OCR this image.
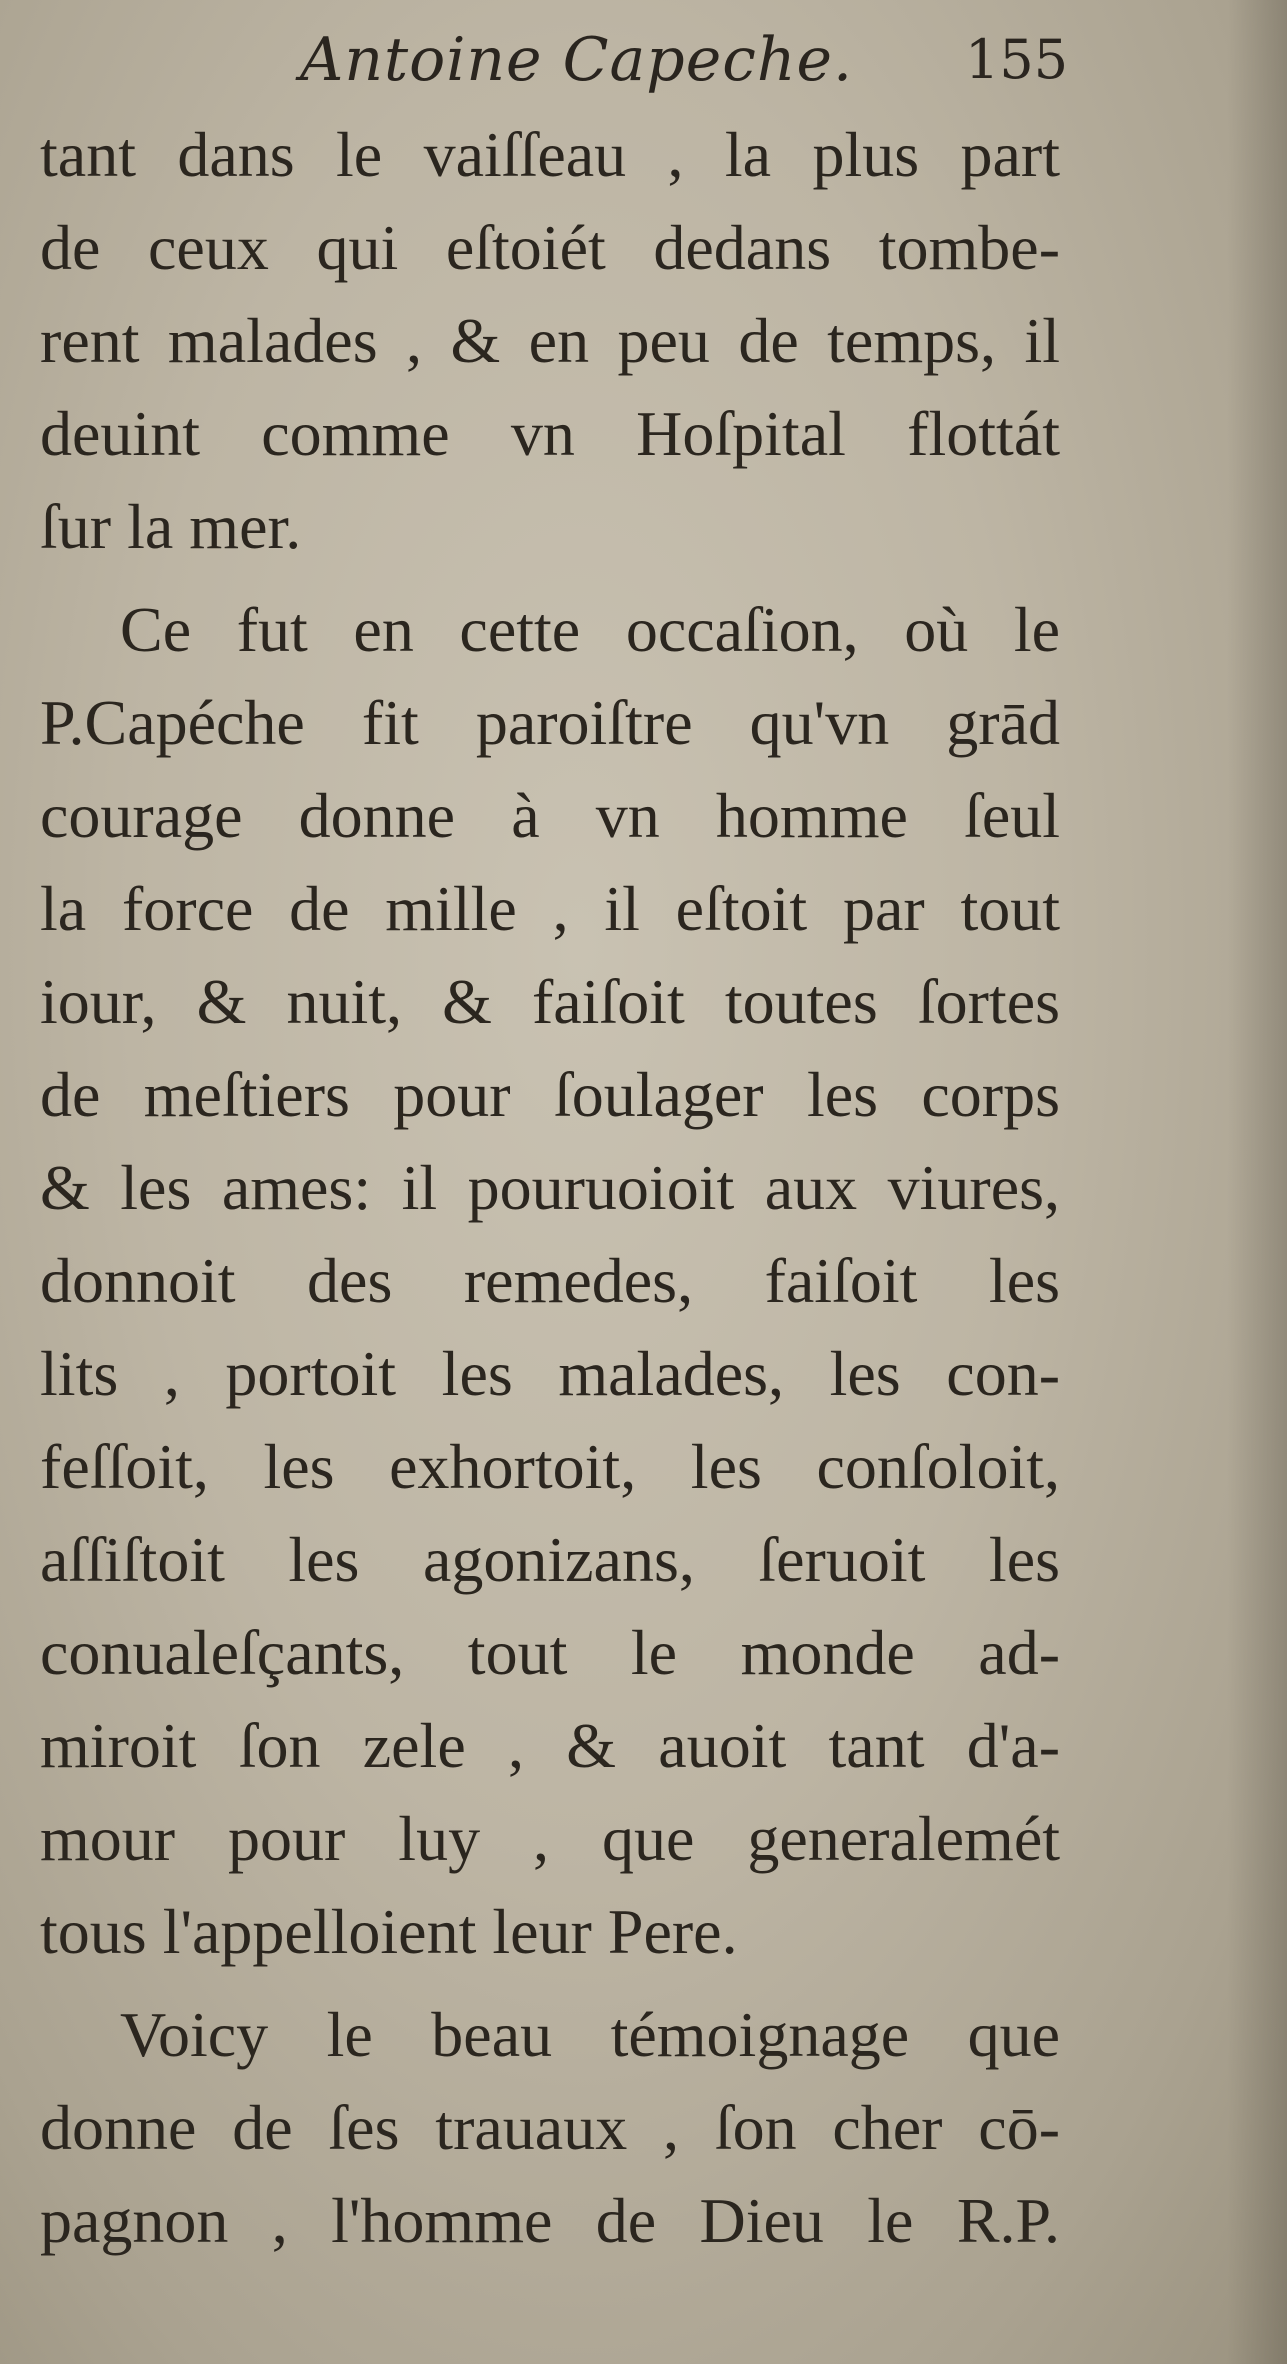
Antoine Capeche. 155
tant dans le vaiſſeau , la plus part
de ceux qui eſtoiét dedans tombe-
rent malades , & en peu de temps, il
deuint comme vn Hoſpital flottát
ſur la mer.
Ce fut en cette occaſion, où le
P.Capéche fit paroiſtre qu'vn grād
courage donne à vn homme ſeul
la force de mille , il eſtoit par tout
iour, & nuit, & faiſoit toutes ſortes
de meſtiers pour ſoulager les corps
& les ames: il pouruoioit aux viures,
donnoit des remedes, faiſoit les
lits , portoit les malades, les con-
feſſoit, les exhortoit, les conſoloit,
aſſiſtoit les agonizans, ſeruoit les
conualeſçants, tout le monde ad-
miroit ſon zele , & auoit tant d'a-
mour pour luy , que generalemét
tous l'appelloient leur Pere.
Voicy le beau témoignage que
donne de ſes trauaux , ſon cher cō-
pagnon , l'homme de Dieu le R.P.
